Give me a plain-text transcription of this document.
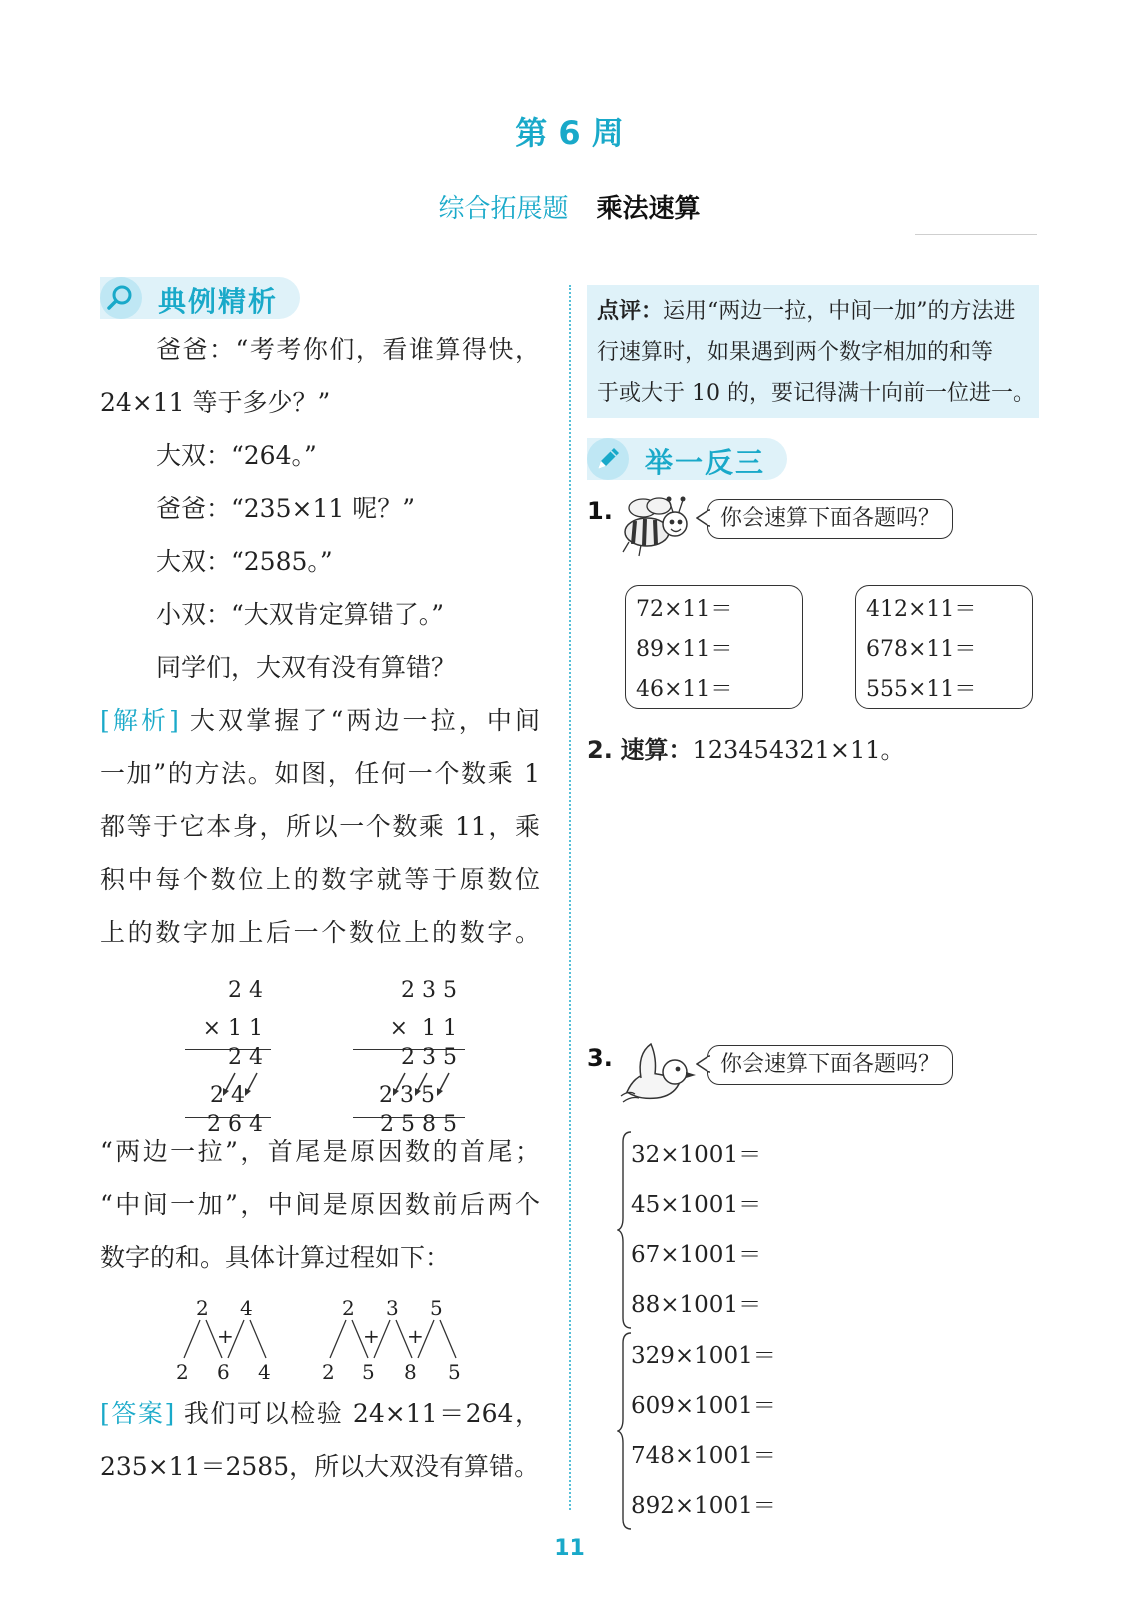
第 6 周
综合拓展题 乘法速算
典例精析
爸爸：“考考你们，看谁算得快，
24×11 等于多少？”
大双：“264。”
爸爸：“235×11 呢？”
大双：“2585。”
小双：“大双肯定算错了。”
同学们，大双有没有算错？
[解析] 大双掌握了“两边一拉，中间
一加”的方法。如图，任何一个数乘 1
都等于它本身，所以一个数乘 11，乘
积中每个数位上的数字就等于原数位
上的数字加上后一个数位上的数字。
2 4
× 1 1
2 4
2 4
2 6 4
2 3 5
×  1 1
2 3 5
2 3 5
2 5 8 5
“两边一拉”，首尾是原因数的首尾；
“中间一加”，中间是原因数前后两个
数字的和。具体计算过程如下：
2 4
+
2 6 4
2 3 5
+ +
2 5 8 5
[答案] 我们可以检验 24×11＝264，
235×11＝2585，所以大双没有算错。
点评：运用“两边一拉，中间一加”的方法进
行速算时，如果遇到两个数字相加的和等
于或大于 10 的，要记得满十向前一位进一。
举一反三
1.	你会速算下面各题吗？
72×11＝
89×11＝
46×11＝
412×11＝
678×11＝
555×11＝
2. 速算：123454321×11。
3.	你会速算下面各题吗？
32×1001＝
45×1001＝
67×1001＝
88×1001＝
329×1001＝
609×1001＝
748×1001＝
892×1001＝
11
